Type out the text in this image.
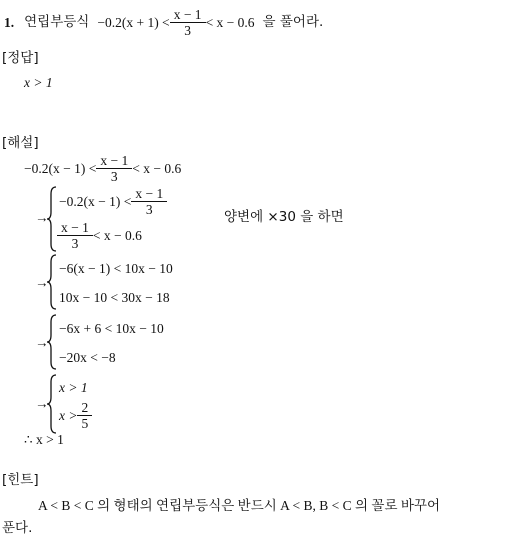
1. 연립부등식 $-0.2(x + 1) < \frac{x - 1}{3} < x - 0.6$ 을 풀어라.
[정답]
x > 1
[해설]
$-0.2(x - 1) < \frac{x - 1}{3} < x - 0.6$
→
$-0.2(x - 1) < \frac{x - 1}{3}$
$\frac{x - 1}{3} < x - 0.6$
양변에 ×30 을 하면
→
−6(x − 1) < 10x − 10
10x − 10 < 30x − 18
→
−6x + 6 < 10x − 10
−20x < −8
→
x > 1
$x > \frac{2}{5}$
∴ x > 1
[힌트]
A < B < C 의 형태의 연립부등식은 반드시 A < B, B < C 의 꼴로 바꾸어
푼다.
